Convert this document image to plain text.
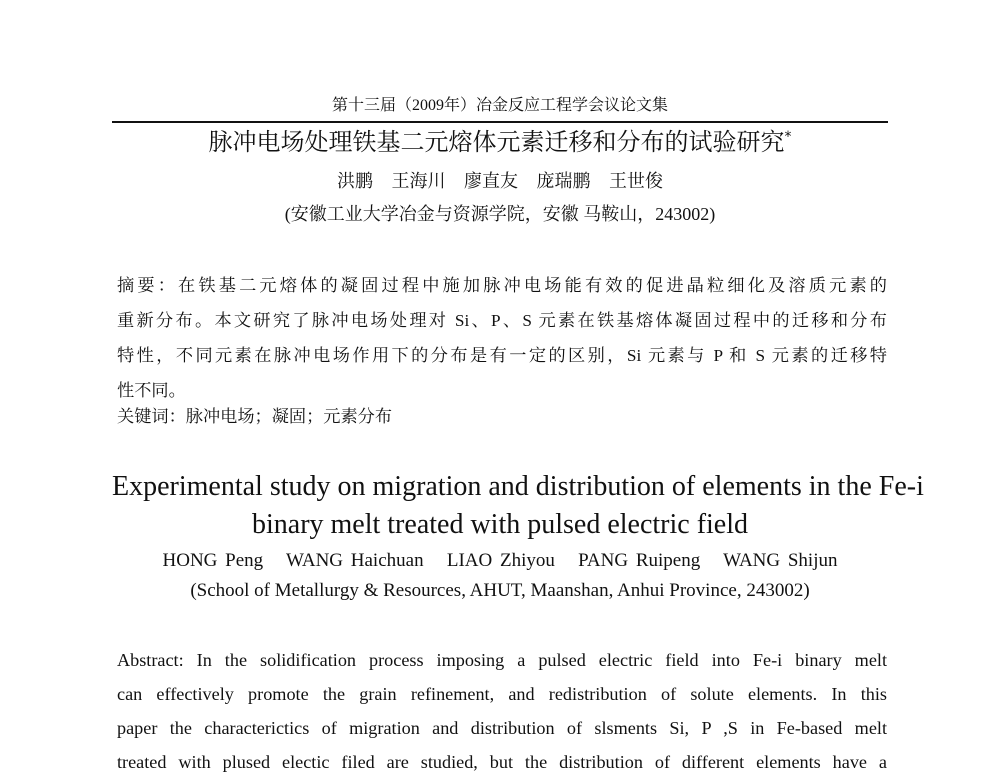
第十三届（2009年）冶金反应工程学会议论文集
脉冲电场处理铁基二元熔体元素迁移和分布的试验研究*
洪鹏 王海川 廖直友 庞瑞鹏 王世俊
(安徽工业大学冶金与资源学院，安徽 马鞍山，243002)
摘要：在铁基二元熔体的凝固过程中施加脉冲电场能有效的促进晶粒细化及溶质元素的
重新分布。本文研究了脉冲电场处理对 Si、P、S 元素在铁基熔体凝固过程中的迁移和分布
特性，不同元素在脉冲电场作用下的分布是有一定的区别，Si 元素与 P 和 S 元素的迁移特
性不同。
关键词：脉冲电场；凝固；元素分布
Experimental study on migration and distribution of elements in the Fe-i
binary melt treated with pulsed electric field
HONG Peng   WANG Haichuan   LIAO Zhiyou   PANG Ruipeng   WANG Shijun
(School of Metallurgy & Resources, AHUT, Maanshan, Anhui Province, 243002)
Abstract: In the solidification process imposing a pulsed electric field into Fe-i binary melt
can effectively promote the grain refinement, and redistribution of solute elements. In this
paper the characterictics of migration and distribution of slsments Si, P ,S in Fe-based melt
treated with plused electic filed are studied, but the distribution of different elements have a
